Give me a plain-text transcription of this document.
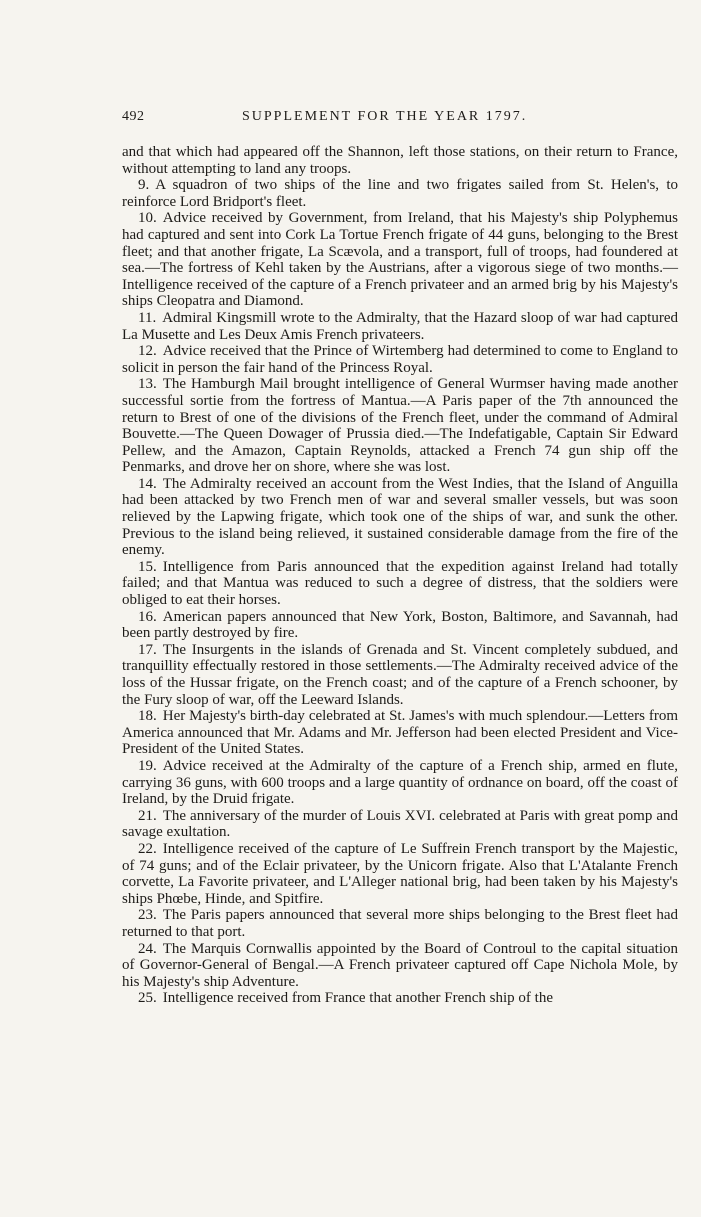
492	SUPPLEMENT FOR THE YEAR 1797.

and that which had appeared off the Shannon, left those stations, on their return to France, without attempting to land any troops.

9. A squadron of two ships of the line and two frigates sailed from St. Helen's, to reinforce Lord Bridport's fleet.

10. Advice received by Government, from Ireland, that his Majesty's ship Polyphemus had captured and sent into Cork La Tortue French frigate of 44 guns, belonging to the Brest fleet; and that another frigate, La Scævola, and a transport, full of troops, had foundered at sea.—The fortress of Kehl taken by the Austrians, after a vigorous siege of two months.—Intelligence received of the capture of a French privateer and an armed brig by his Majesty's ships Cleopatra and Diamond.

11. Admiral Kingsmill wrote to the Admiralty, that the Hazard sloop of war had captured La Musette and Les Deux Amis French privateers.

12. Advice received that the Prince of Wirtemberg had determined to come to England to solicit in person the fair hand of the Princess Royal.

13. The Hamburgh Mail brought intelligence of General Wurmser having made another successful sortie from the fortress of Mantua.—A Paris paper of the 7th announced the return to Brest of one of the divisions of the French fleet, under the command of Admiral Bouvette.—The Queen Dowager of Prussia died.—The Indefatigable, Captain Sir Edward Pellew, and the Amazon, Captain Reynolds, attacked a French 74 gun ship off the Penmarks, and drove her on shore, where she was lost.

14. The Admiralty received an account from the West Indies, that the Island of Anguilla had been attacked by two French men of war and several smaller vessels, but was soon relieved by the Lapwing frigate, which took one of the ships of war, and sunk the other. Previous to the island being relieved, it sustained considerable damage from the fire of the enemy.

15. Intelligence from Paris announced that the expedition against Ireland had totally failed; and that Mantua was reduced to such a degree of distress, that the soldiers were obliged to eat their horses.

16. American papers announced that New York, Boston, Baltimore, and Savannah, had been partly destroyed by fire.

17. The Insurgents in the islands of Grenada and St. Vincent completely subdued, and tranquillity effectually restored in those settlements.—The Admiralty received advice of the loss of the Hussar frigate, on the French coast; and of the capture of a French schooner, by the Fury sloop of war, off the Leeward Islands.

18. Her Majesty's birth-day celebrated at St. James's with much splendour.—Letters from America announced that Mr. Adams and Mr. Jefferson had been elected President and Vice-President of the United States.

19. Advice received at the Admiralty of the capture of a French ship, armed en flute, carrying 36 guns, with 600 troops and a large quantity of ordnance on board, off the coast of Ireland, by the Druid frigate.

21. The anniversary of the murder of Louis XVI. celebrated at Paris with great pomp and savage exultation.

22. Intelligence received of the capture of Le Suffrein French transport by the Majestic, of 74 guns; and of the Eclair privateer, by the Unicorn frigate. Also that L'Atalante French corvette, La Favorite privateer, and L'Alleger national brig, had been taken by his Majesty's ships Phœbe, Hinde, and Spitfire.

23. The Paris papers announced that several more ships belonging to the Brest fleet had returned to that port.

24. The Marquis Cornwallis appointed by the Board of Controul to the capital situation of Governor-General of Bengal.—A French privateer captured off Cape Nichola Mole, by his Majesty's ship Adventure.

25. Intelligence received from France that another French ship of the
